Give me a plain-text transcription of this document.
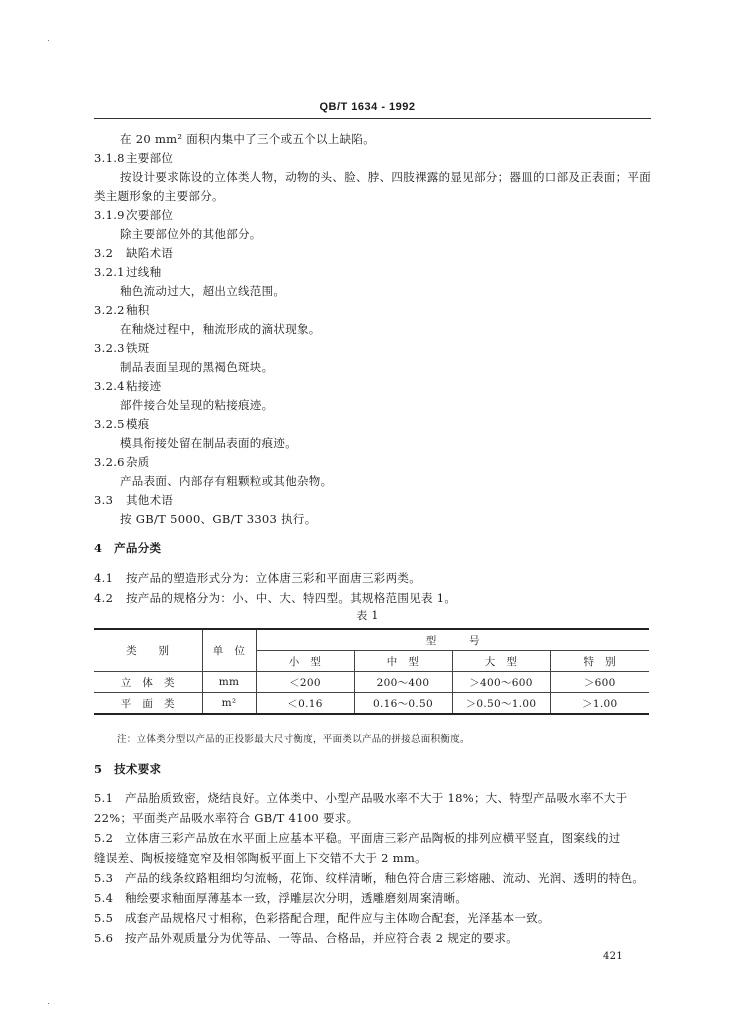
QB/T 1634 - 1992
在 20 mm² 面积内集中了三个或五个以上缺陷。
3.1.8主要部位
按设计要求陈设的立体类人物，动物的头、脸、脖、四肢裸露的显见部分；器皿的口部及正表面；平面
类主题形象的主要部分。
3.1.9次要部位
除主要部位外的其他部分。
3.2 缺陷术语
3.2.1过线釉
釉色流动过大，超出立线范围。
3.2.2釉积
在釉烧过程中，釉流形成的滴状现象。
3.2.3铁斑
制品表面呈现的黑褐色斑块。
3.2.4粘接迹
部件接合处呈现的粘接痕迹。
3.2.5模痕
模具衔接处留在制品表面的痕迹。
3.2.6杂质
产品表面、内部存有粗颗粒或其他杂物。
3.3 其他术语
按 GB/T 5000、GB/T 3303 执行。
4　产品分类
4.1 按产品的塑造形式分为：立体唐三彩和平面唐三彩两类。
4.2 按产品的规格分为：小、中、大、特四型。其规格范围见表 1。
表 1
类　　别	单　位	型　　　号			
		小　型	中　型	大　型	特　别
立　体　类	mm	＜200	200～400	＞400～600	＞600
平　面　类	m²	＜0.16	0.16～0.50	＞0.50～1.00	＞1.00
注：立体类分型以产品的正投影最大尺寸衡度，平面类以产品的拼接总面积衡度。
5　技术要求
5.1　产品胎质致密，烧结良好。立体类中、小型产品吸水率不大于 18%；大、特型产品吸水率不大于
22%；平面类产品吸水率符合 GB/T 4100 要求。
5.2　立体唐三彩产品放在水平面上应基本平稳。平面唐三彩产品陶板的排列应横平竖直，图案线的过
缝误差、陶板接缝宽窄及相邻陶板平面上下交错不大于 2 mm。
5.3　产品的线条纹路粗细均匀流畅，花饰、纹样清晰，釉色符合唐三彩熔融、流动、光润、透明的特色。
5.4　釉绘要求釉面厚薄基本一致，浮雕层次分明，透雕磨刻周案清晰。
5.5　成套产品规格尺寸相称，色彩搭配合理，配件应与主体吻合配套，光泽基本一致。
5.6　按产品外观质量分为优等品、一等品、合格品，并应符合表 2 规定的要求。
421
